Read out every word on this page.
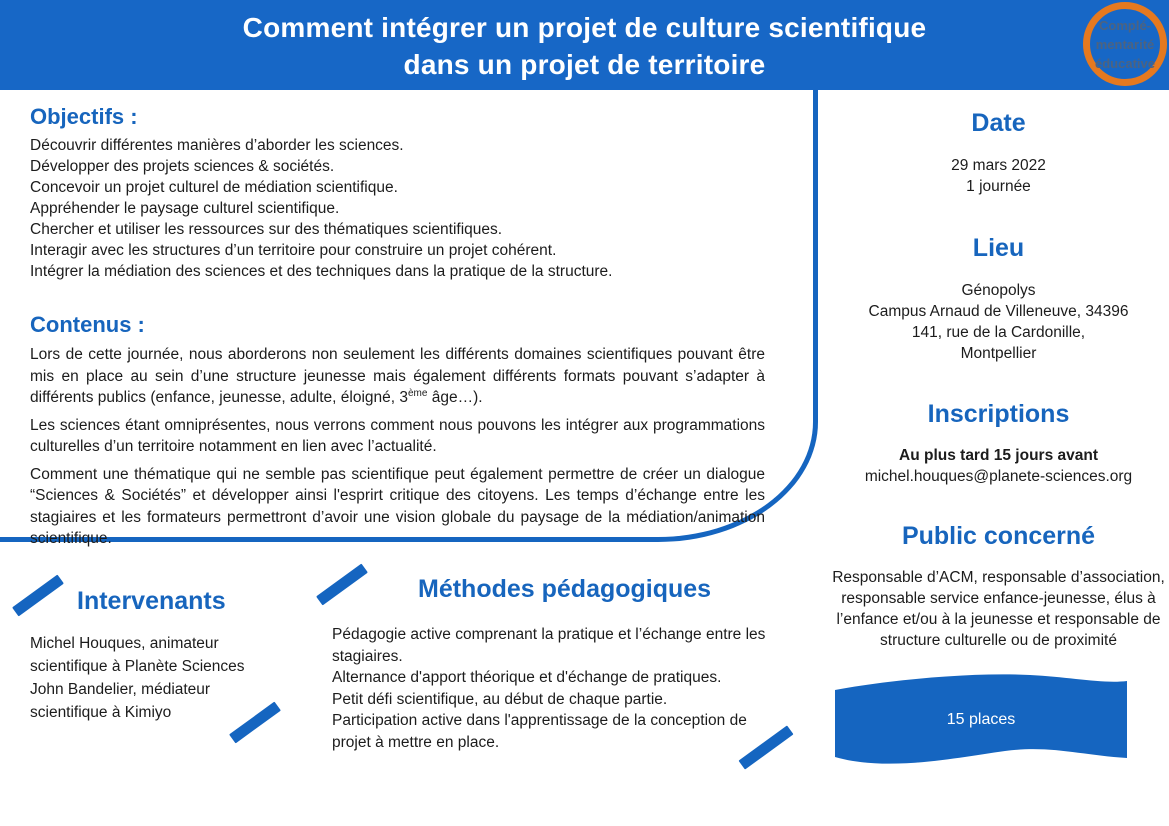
Comment intégrer un projet de culture scientifique
dans un projet de territoire
Complé-
mentarité
éducative
Objectifs :
Découvrir différentes manières d’aborder les sciences.
Développer des projets sciences & sociétés.
Concevoir un projet culturel de médiation scientifique.
Appréhender le paysage culturel scientifique.
Chercher et utiliser les ressources sur des thématiques scientifiques.
Interagir avec les structures d’un territoire pour construire un projet cohérent.
Intégrer la médiation des sciences et des techniques dans la pratique de la structure.
Contenus :

Lors de cette journée, nous aborderons non seulement les différents domaines scientifiques pouvant être mis en place au sein d’une structure jeunesse mais également différents formats pouvant s’adapter à différents publics (enfance, jeunesse, adulte, éloigné, 3ème âge…).

Les sciences étant omniprésentes, nous verrons comment nous pouvons les intégrer aux programmations culturelles d’un territoire notamment en lien avec l’actualité.

Comment une thématique qui ne semble pas scientifique peut également permettre de créer un dialogue “Sciences & Sociétés” et développer ainsi l'esprirt critique des citoyens. Les temps d’échange entre les stagiaires et les formateurs permettront d’avoir une vision globale du paysage de la médiation/animation scientifique.

Date
29 mars 2022
1 journée
Lieu
Génopolys
Campus Arnaud de Villeneuve, 34396
141, rue de la Cardonille,
Montpellier
Inscriptions
Au plus tard 15 jours avant
michel.houques@planete-sciences.org
Public concerné
Responsable d’ACM, responsable d’association, responsable service enfance-jeunesse, élus à l’enfance et/ou à la jeunesse et responsable de structure culturelle ou de proximité
15 places
Intervenants
Michel Houques, animateur
scientifique à Planète Sciences
John Bandelier, médiateur
scientifique à Kimiyo
Méthodes pédagogiques
Pédagogie active comprenant la pratique et l’échange entre les stagiaires.
Alternance d'apport théorique et d'échange de pratiques.
Petit défi scientifique, au début de chaque partie.
Participation active dans l'apprentissage de la conception de projet à mettre en place.
